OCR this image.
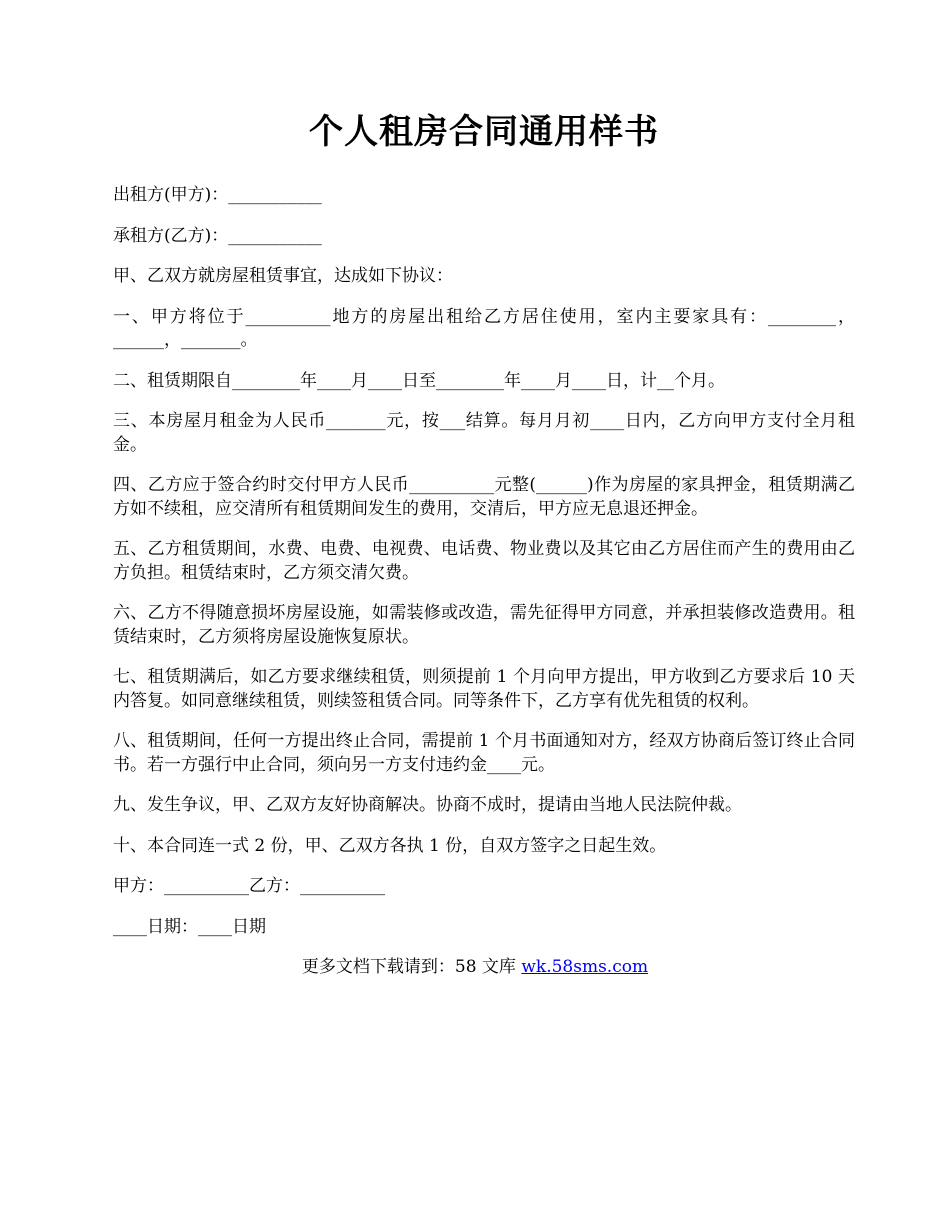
个人租房合同通用样书

出租方(甲方)：___________

承租方(乙方)：___________

甲、乙双方就房屋租赁事宜，达成如下协议：

一、甲方将位于__________地方的房屋出租给乙方居住使用，室内主要家具有：________，______，_______。

二、租赁期限自________年____月____日至________年____月____日，计__个月。

三、本房屋月租金为人民币_______元，按___结算。每月月初____日内，乙方向甲方支付全月租金。

四、乙方应于签合约时交付甲方人民币__________元整(______)作为房屋的家具押金，租赁期满乙方如不续租，应交清所有租赁期间发生的费用，交清后，甲方应无息退还押金。

五、乙方租赁期间，水费、电费、电视费、电话费、物业费以及其它由乙方居住而产生的费用由乙方负担。租赁结束时，乙方须交清欠费。

六、乙方不得随意损坏房屋设施，如需装修或改造，需先征得甲方同意，并承担装修改造费用。租赁结束时，乙方须将房屋设施恢复原状。

七、租赁期满后，如乙方要求继续租赁，则须提前 1 个月向甲方提出，甲方收到乙方要求后 10 天内答复。如同意继续租赁，则续签租赁合同。同等条件下，乙方享有优先租赁的权利。

八、租赁期间，任何一方提出终止合同，需提前 1 个月书面通知对方，经双方协商后签订终止合同书。若一方强行中止合同，须向另一方支付违约金____元。

九、发生争议，甲、乙双方友好协商解决。协商不成时，提请由当地人民法院仲裁。

十、本合同连一式 2 份，甲、乙双方各执 1 份，自双方签字之日起生效。

甲方：__________乙方：__________

____日期：____日期

更多文档下载请到：58 文库 wk.58sms.com
